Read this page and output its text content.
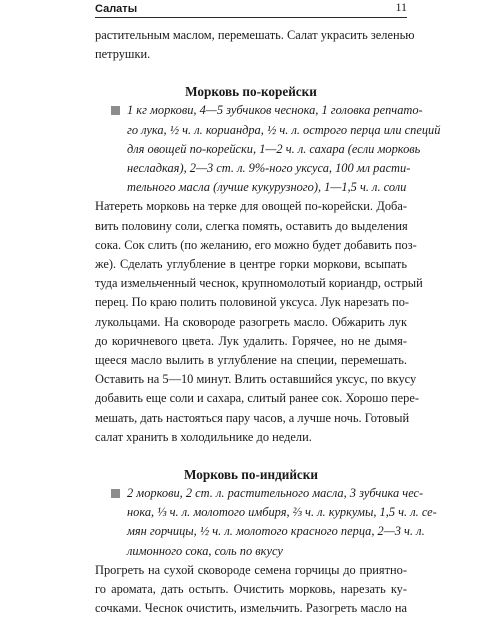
Салаты	11

растительным маслом, перемешать. Салат украсить зеленью
петрушки.

Морковь по-корейски

1 кг моркови, 4—5 зубчиков чеснока, 1 головка репчато-
го лука, ½ ч. л. кориандра, ½ ч. л. острого перца или специй
для овощей по-корейски, 1—2 ч. л. сахара (если морковь
несладкая), 2—3 ст. л. 9%-ного уксуса, 100 мл расти-
тельного масла (лучше кукурузного), 1—1,5 ч. л. соли

Натереть морковь на терке для овощей по-корейски. Доба-
вить половину соли, слегка помять, оставить до выделения
сока. Сок слить (по желанию, его можно будет добавить поз-
же). Сделать углубление в центре горки моркови, всыпать
туда измельченный чеснок, крупномолотый кориандр, острый
перец. По краю полить половиной уксуса. Лук нарезать по-
лукольцами. На сковороде разогреть масло. Обжарить лук
до коричневого цвета. Лук удалить. Горячее, но не дымя-
щееся масло вылить в углубление на специи, перемешать.
Оставить на 5—10 минут. Влить оставшийся уксус, по вкусу
добавить еще соли и сахара, слитый ранее сок. Хорошо пере-
мешать, дать настояться пару часов, а лучше ночь. Готовый
салат хранить в холодильнике до недели.

Морковь по-индийски

2 моркови, 2 ст. л. растительного масла, 3 зубчика чес-
нока, ⅓ ч. л. молотого имбиря, ⅔ ч. л. куркумы, 1,5 ч. л. се-
мян горчицы, ½ ч. л. молотого красного перца, 2—3 ч. л.
лимонного сока, соль по вкусу

Прогреть на сухой сковороде семена горчицы до приятно-
го аромата, дать остыть. Очистить морковь, нарезать ку-
сочками. Чеснок очистить, измельчить. Разогреть масло на
